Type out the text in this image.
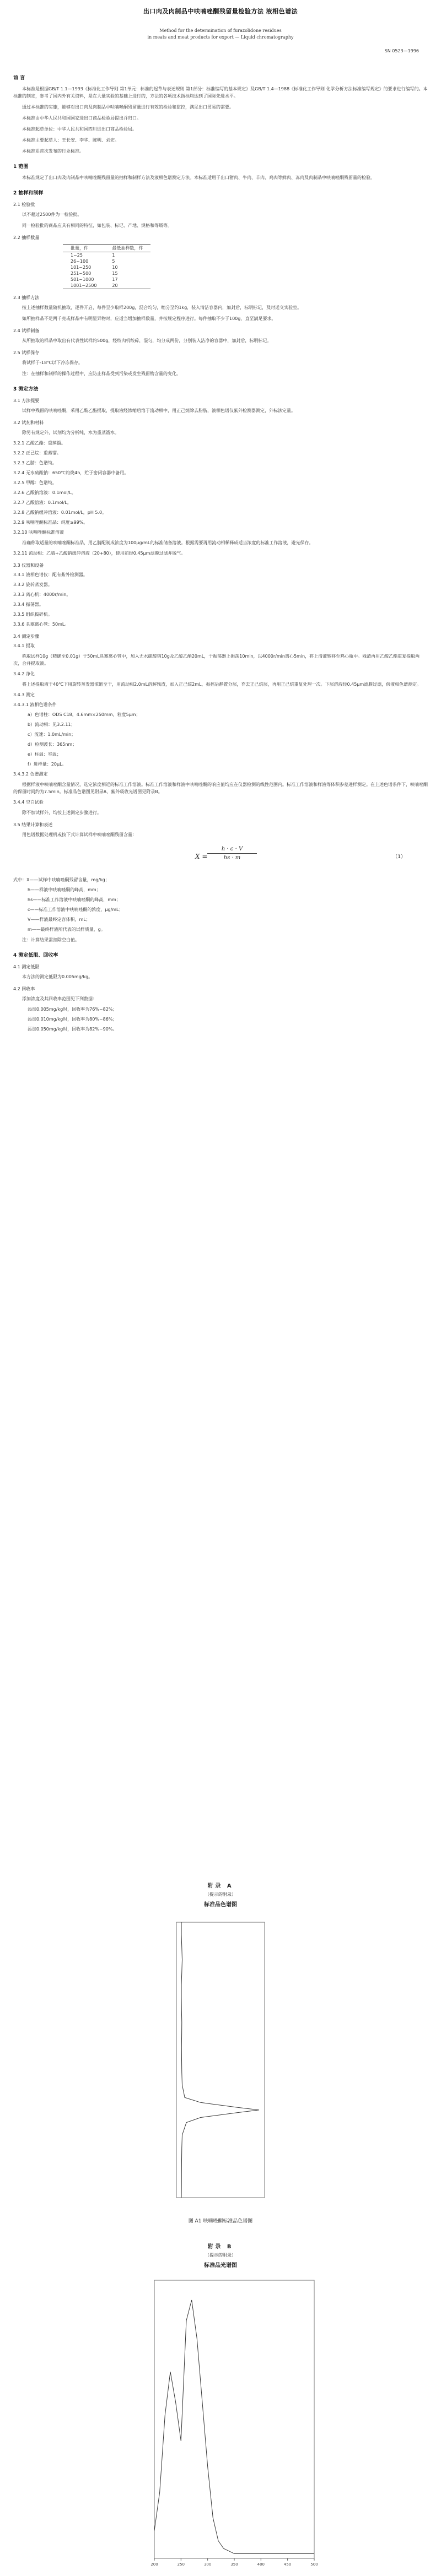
出口肉及肉制品中呋喃唑酮残留量检验方法 液相色谱法
Method for the determination of furazolidone residues
in meats and meat products for export — Liquid chromatography
SN 0523—1996
前 言

本标准是根据GB/T 1.1—1993《标准化工作导则 第1单元：标准的起草与表述规则 第1部分：标准编写的基本规定》及GB/T 1.4—1988《标准化工作导则 化学分析方法标准编写规定》的要求进行编写的。本标准的制定，参考了国内外有关资料，是在大量实验的基础上进行的，方法的各项技术指标均达到了国际先进水平。

通过本标准的实施，能够对出口肉及肉制品中呋喃唑酮残留量进行有效的检验和监控，满足出口贸易的需要。

本标准由中华人民共和国国家进出口商品检验局提出并归口。

本标准起草单位：中华人民共和国四川进出口商品检验局。

本标准主要起草人：王长安、李华、陈明、刘宏。

本标准系首次发布的行业标准。

1 范围

本标准规定了出口肉及肉制品中呋喃唑酮残留量的抽样和制样方法及液相色谱测定方法。本标准适用于出口猪肉、牛肉、羊肉、鸡肉等鲜肉、冻肉及肉制品中呋喃唑酮残留量的检验。

2 抽样和制样
2.1 检验批

以不超过2500件为一检验批。

同一检验批的商品应具有相同的特征，如包装、标记、产地、规格和等级等。

2.2 抽样数量
批量，件	最低抽样数，件
1~25	1
26~100	5
101~250	10
251~500	15
501~1000	17
1001~2500	20
2.3 抽样方法

按上述抽样数量随机抽取，逐件开启，每件至少取样200g，混合均匀，缩分至约1kg，装入清洁容器内，加封后，标明标记，及时送交实验室。

如所抽样品不足两千克或样品中有明显异物时，应适当增加抽样数量，并按规定程序进行。每件抽取不少于100g，直至满足要求。

2.4 试样制备

从所抽取的样品中取出有代表性试样约500g，经绞肉机绞碎，混匀，均分成两份，分别装入洁净的容器中，加封后，标明标记。

2.5 试样保存

将试样于-18℃以下冷冻保存。

注：在抽样和制样的操作过程中，应防止样品受到污染或发生残留物含量的变化。

3 测定方法
3.1 方法提要

试样中残留的呋喃唑酮，采用乙酸乙酯提取，提取液经浓缩后溶于流动相中，用正己烷除去脂肪，液相色谱仪紫外检测器测定，外标法定量。

3.2 试剂和材料

除另有规定外，试剂均为分析纯，水为重蒸馏水。

3.2.1 乙酸乙酯：重蒸馏。
3.2.2 正己烷：重蒸馏。
3.2.3 乙腈：色谱纯。
3.2.4 无水硫酸钠：650℃灼烧4h，贮于密闭容器中备用。
3.2.5 甲醇：色谱纯。
3.2.6 乙酸钠溶液：0.1mol/L。
3.2.7 乙酸溶液：0.1mol/L。
3.2.8 乙酸钠缓冲溶液：0.01mol/L，pH 5.0。
3.2.9 呋喃唑酮标准品：纯度≥99%。
3.2.10 呋喃唑酮标准溶液

准确称取适量的呋喃唑酮标准品，用乙腈配制成浓度为100μg/mL的标准储备溶液。根据需要再用流动相稀释成适当浓度的标准工作溶液，避光保存。

3.2.11 流动相：乙腈+乙酸钠缓冲溶液（20+80），使用前经0.45μm滤膜过滤并脱气。
3.3 仪器和设备
3.3.1 液相色谱仪：配有紫外检测器。
3.3.2 旋转蒸发器。
3.3.3 离心机：4000r/min。
3.3.4 振荡器。
3.3.5 组织捣碎机。
3.3.6 具塞离心管：50mL。
3.4 测定步骤
3.4.1 提取

称取试样10g（精确至0.01g）于50mL具塞离心管中，加入无水硫酸钠10g及乙酸乙酯20mL，于振荡器上振荡10min，以4000r/min离心5min，将上清液转移至鸡心瓶中。残渣再用乙酸乙酯重复提取两次，合并提取液。

3.4.2 净化

将上述提取液于40℃下用旋转蒸发器浓缩至干，用流动相2.0mL溶解残渣，加入正己烷2mL，振摇后静置分层，弃去正己烷层，再用正己烷重复处理一次。下层溶液经0.45μm滤膜过滤，供液相色谱测定。

3.4.3 测定
3.4.3.1 液相色谱条件
a）色谱柱：ODS C18，4.6mm×250mm，粒度5μm；
b）流动相：见3.2.11；
c）流速：1.0mL/min；
d）检测波长：365nm；
e）柱温：室温；
f）进样量：20μL。
3.4.3.2 色谱测定

根据样液中呋喃唑酮含量情况，选定浓度相近的标准工作溶液。标准工作溶液和样液中呋喃唑酮的响应值均应在仪器检测的线性范围内。标准工作溶液和样液等体积参差进样测定。在上述色谱条件下，呋喃唑酮的保留时间约为7.5min。标准品色谱图见附录A，紫外吸收光谱图见附录B。

3.4.4 空白试验

除不加试样外，均按上述测定步骤进行。

3.5 结果计算和表述

用色谱数据处理机或按下式计算试样中呋喃唑酮残留含量：

X =
h · c · V
hs · m	（1）
式中：X——试样中呋喃唑酮残留含量，mg/kg；
h——样液中呋喃唑酮的峰高，mm；
hs——标准工作溶液中呋喃唑酮的峰高，mm；
c——标准工作溶液中呋喃唑酮的浓度，μg/mL；
V——样液最终定容体积，mL；
m——最终样液所代表的试样质量，g。

注：计算结果需扣除空白值。

4 测定低限、回收率
4.1 测定低限

本方法的测定低限为0.005mg/kg。

4.2 回收率

添加浓度及其回收率范围见下列数据：

添加0.005mg/kg时，回收率为76%~82%；
添加0.010mg/kg时，回收率为80%~86%；
添加0.050mg/kg时，回收率为82%~90%。
附录 A
（提示的附录）
标准品色谱图
图 A1 呋喃唑酮标准品色谱图
附录 B
（提示的附录）
标准品光谱图
200	250	300	350	400	450	500
